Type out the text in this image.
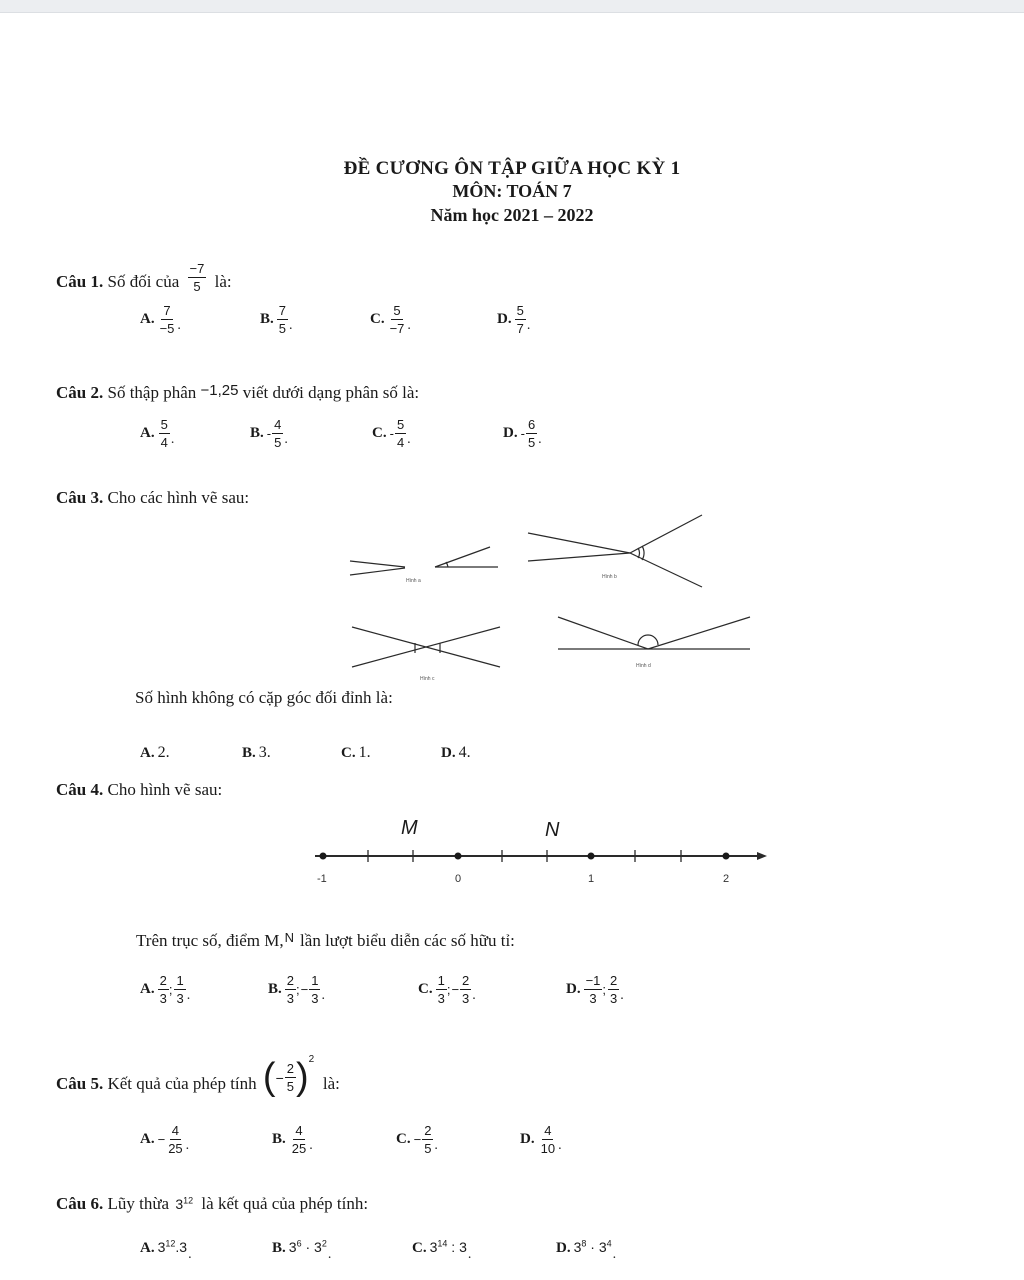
ĐỀ CƯƠNG ÔN TẬP GIỮA HỌC KỲ 1
MÔN: TOÁN 7
Năm học 2021 – 2022
Câu 1. Số đối của $\frac{-7}{5}$ là:
A. $\frac{7}{-5}$ .	B. $\frac{7}{5}$ .	C. $\frac{5}{-7}$ .	D. $\frac{5}{7}$ .
Câu 2. Số thập phân −1,25 viết dưới dạng phân số là:
A. $\frac{5}{4}$ .	B. - $\frac{4}{5}$ .	C. - $\frac{5}{4}$ .	D. - $\frac{6}{5}$ .
Câu 3. Cho các hình vẽ sau:
Hình a
Hình b
Hình c
Hình d
Số hình không có cặp góc đối đỉnh là:
A. 2.	B. 3.	C. 1.	D. 4.
Câu 4. Cho hình vẽ sau:
M	N
-1	0	1	2
Trên trục số, điểm M,$^N$ lần lượt biểu diễn các số hữu tỉ:
A. $\frac{2}{3}$ ; $\frac{1}{3}$ .	B. $\frac{2}{3}$ ;− $\frac{1}{3}$ .	C. $\frac{1}{3}$ ;− $\frac{2}{3}$ .	D. $\frac{-1}{3}$ ; $\frac{2}{3}$ .
Câu 5. Kết quả của phép tính (− $\frac{2}{5}$ ) 2
là:
A. − $\frac{4}{25}$ .	B. $\frac{4}{25}$ .	C. − $\frac{2}{5}$ .	D. $\frac{4}{10}$ .
Câu 6. Lũy thừa $3^{12}$ là kết quả của phép tính:
A. $3^{12}.3$.	B. $3^6 \cdot 3^2$.	C. $3^{14}$ : 3.	D. $3^8 \cdot 3^4$.
